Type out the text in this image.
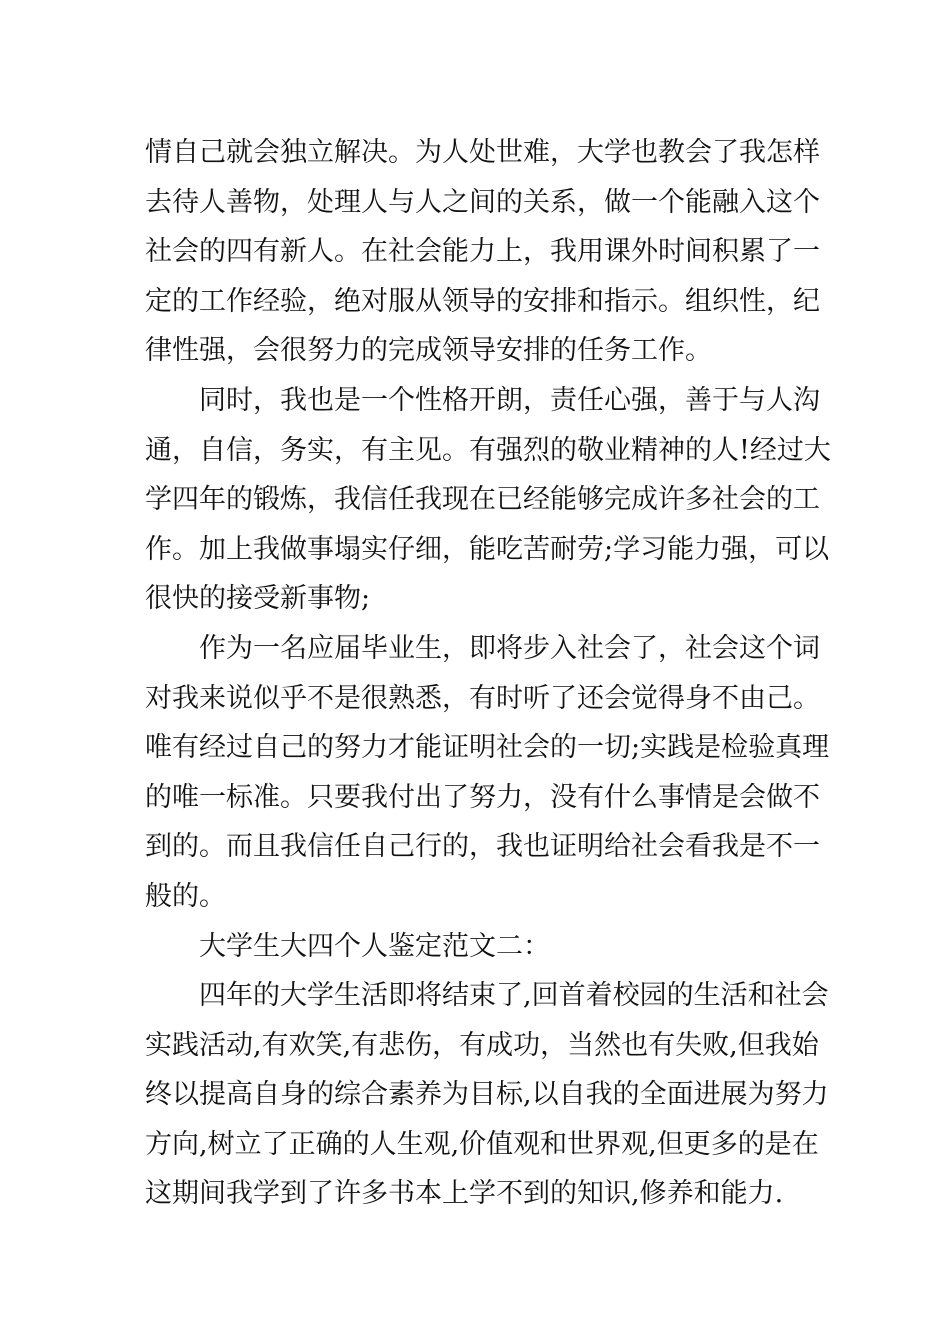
情自己就会独立解决。为人处世难，大学也教会了我怎样
去待人善物，处理人与人之间的关系，做一个能融入这个
社会的四有新人。在社会能力上，我用课外时间积累了一
定的工作经验，绝对服从领导的安排和指示。组织性，纪
律性强，会很努力的完成领导安排的任务工作。
同时，我也是一个性格开朗，责任心强，善于与人沟
通，自信，务实，有主见。有强烈的敬业精神的人!经过大
学四年的锻炼，我信任我现在已经能够完成许多社会的工
作。加上我做事塌实仔细，能吃苦耐劳;学习能力强，可以
很快的接受新事物;
作为一名应届毕业生，即将步入社会了，社会这个词
对我来说似乎不是很熟悉，有时听了还会觉得身不由己。
唯有经过自己的努力才能证明社会的一切;实践是检验真理
的唯一标准。只要我付出了努力，没有什么事情是会做不
到的。而且我信任自己行的，我也证明给社会看我是不一
般的。
大学生大四个人鉴定范文二：
四年的大学生活即将结束了,回首着校园的生活和社会
实践活动,有欢笑,有悲伤，有成功，当然也有失败,但我始
终以提高自身的综合素养为目标,以自我的全面进展为努力
方向,树立了正确的人生观,价值观和世界观,但更多的是在
这期间我学到了许多书本上学不到的知识,修养和能力.
